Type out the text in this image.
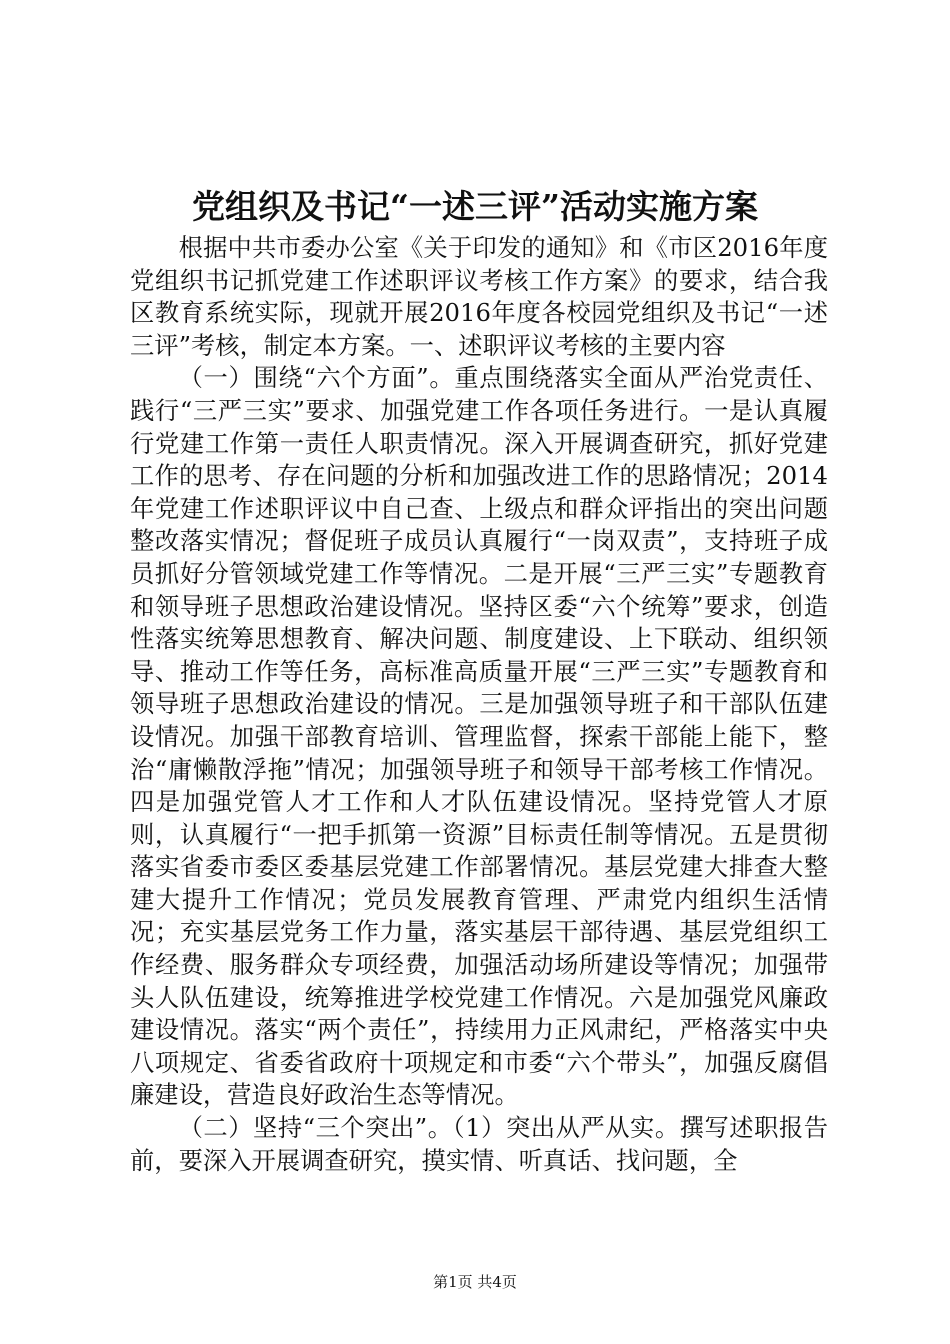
党组织及书记“一述三评”活动实施方案

根据中共市委办公室《关于印发的通知》和《市区2016年度党组织书记抓党建工作述职评议考核工作方案》的要求，结合我区教育系统实际，现就开展2016年度各校园党组织及书记“一述三评”考核，制定本方案。一、述职评议考核的主要内容

（一）围绕“六个方面”。重点围绕落实全面从严治党责任、践行“三严三实”要求、加强党建工作各项任务进行。一是认真履行党建工作第一责任人职责情况。深入开展调查研究，抓好党建工作的思考、存在问题的分析和加强改进工作的思路情况；2014年党建工作述职评议中自己查、上级点和群众评指出的突出问题整改落实情况；督促班子成员认真履行“一岗双责”，支持班子成员抓好分管领域党建工作等情况。二是开展“三严三实”专题教育和领导班子思想政治建设情况。坚持区委“六个统筹”要求，创造性落实统筹思想教育、解决问题、制度建设、上下联动、组织领导、推动工作等任务，高标准高质量开展“三严三实”专题教育和领导班子思想政治建设的情况。三是加强领导班子和干部队伍建设情况。加强干部教育培训、管理监督，探索干部能上能下，整治“庸懒散浮拖”情况；加强领导班子和领导干部考核工作情况。四是加强党管人才工作和人才队伍建设情况。坚持党管人才原则，认真履行“一把手抓第一资源”目标责任制等情况。五是贯彻落实省委市委区委基层党建工作部署情况。基层党建大排查大整建大提升工作情况；党员发展教育管理、严肃党内组织生活情况；充实基层党务工作力量，落实基层干部待遇、基层党组织工作经费、服务群众专项经费，加强活动场所建设等情况；加强带头人队伍建设，统筹推进学校党建工作情况。六是加强党风廉政建设情况。落实“两个责任”，持续用力正风肃纪，严格落实中央八项规定、省委省政府十项规定和市委“六个带头”，加强反腐倡廉建设，营造良好政治生态等情况。

（二）坚持“三个突出”。（1）突出从严从实。撰写述职报告前，要深入开展调查研究，摸实情、听真话、找问题，全

第1页 共4页
